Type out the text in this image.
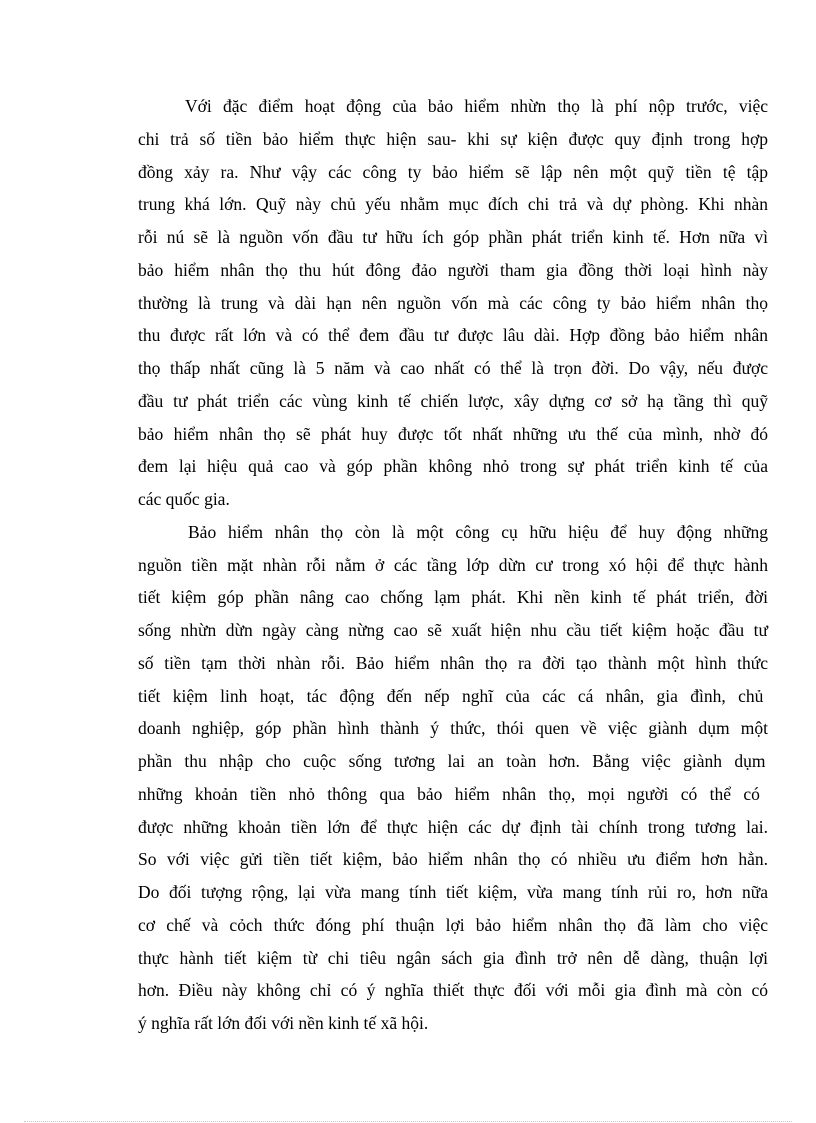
Với đặc điểm hoạt động của bảo hiểm nhừn thọ là phí nộp trước, việc
chi trả số tiền bảo hiểm thực hiện sau- khi sự kiện được quy định trong hợp
đồng xảy ra. Như vậy các công ty bảo hiểm sẽ lập nên một quỹ tiền tệ tập
trung khá lớn. Quỹ này chủ yếu nhằm mục đích chi trả và dự phòng. Khi nhàn
rỗi nú sẽ là nguồn vốn đầu tư hữu ích góp phần phát triển kinh tế. Hơn nữa vì
bảo hiểm nhân thọ thu hút đông đảo người tham gia đồng thời loại hình này
thường là trung và dài hạn nên nguồn vốn mà các công ty bảo hiểm nhân thọ
thu được rất lớn và có thể đem đầu tư được lâu dài. Hợp đồng bảo hiểm nhân
thọ thấp nhất cũng là 5 năm và cao nhất có thể là trọn đời. Do vậy, nếu được
đầu tư phát triển các vùng kinh tế chiến lược, xây dựng cơ sở hạ tầng thì quỹ
bảo hiểm nhân thọ sẽ phát huy được tốt nhất những ưu thế của mình, nhờ đó
đem lại hiệu quả cao và góp phần không nhỏ trong sự phát triển kinh tế của
các quốc gia.
Bảo hiểm nhân thọ còn là một công cụ hữu hiệu để huy động những
nguồn tiền mặt nhàn rỗi nằm ở các tầng lớp dừn cư trong xó hội để thực hành
tiết kiệm góp phần nâng cao chống lạm phát. Khi nền kinh tế phát triển, đời
sống nhừn dừn ngày càng nừng cao sẽ xuất hiện nhu cầu tiết kiệm hoặc đầu tư
số tiền tạm thời nhàn rỗi. Bảo hiểm nhân thọ ra đời tạo thành một hình thức
tiết kiệm linh hoạt, tác động đến nếp nghĩ của các cá nhân, gia đình, chủ
doanh nghiệp, góp phần hình thành ý thức, thói quen về việc giành dụm một
phần thu nhập cho cuộc sống tương lai an toàn hơn. Bằng việc giành dụm
những khoản tiền nhỏ thông qua bảo hiểm nhân thọ, mọi người có thể có
được những khoản tiền lớn để thực hiện các dự định tài chính trong tương lai.
So với việc gửi tiền tiết kiệm, bảo hiểm nhân thọ có nhiều ưu điểm hơn hẳn.
Do đối tượng rộng, lại vừa mang tính tiết kiệm, vừa mang tính rủi ro, hơn nữa
cơ chế và cỏch thức đóng phí thuận lợi bảo hiểm nhân thọ đã làm cho việc
thực hành tiết kiệm từ chi tiêu ngân sách gia đình trở nên dễ dàng, thuận lợi
hơn. Điều này không chỉ có ý nghĩa thiết thực đối với mỗi gia đình mà còn có
ý nghĩa rất lớn đối với nền kinh tế xã hội.
